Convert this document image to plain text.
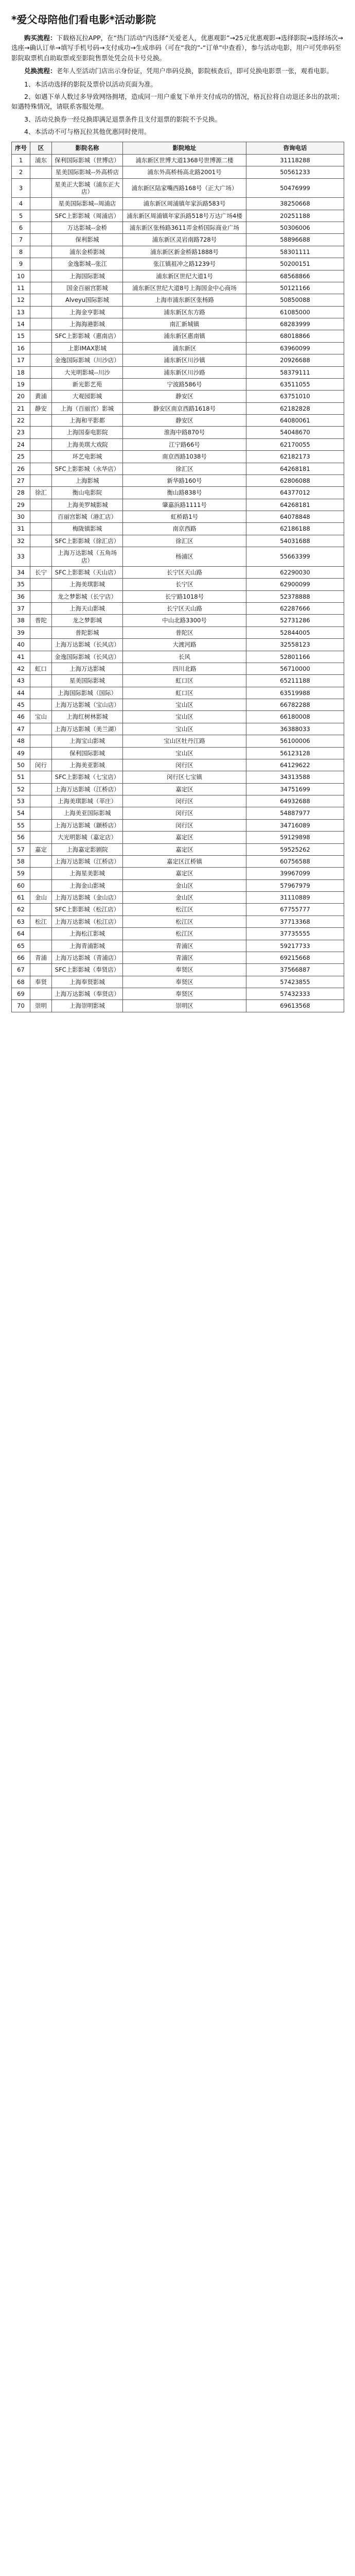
*爱父母陪他们看电影*活动影院

购买流程：下载格瓦拉APP，在“热门活动”内选择“关爱老人，优惠观影”→25元优惠观影→选择影院→选择场次→选座→确认订单→填写手机号码→支付成功→生成串码（可在“我的”-“订单”中查看），参与活动电影，用户可凭串码至影院取票机自助取票或至影院售票处凭会员卡号兑换。

兑换流程：老年人至活动门店出示身份证，凭用户串码兑换，影院核查后，即可兑换电影票一张，观看电影。

1、本活动选择的影院及票价以活动页面为准。

2、如遇下单人数过多导致网络拥堵，造成同一用户重复下单并支付成功的情况，格瓦拉将自动退还多出的款项；如遇特殊情况，请联系客服处理。

3、活动兑换券一经兑换即满足退票条件且支付退票的影院不予兑换。

4、本活动不可与格瓦拉其他优惠同时使用。

序号	区	影院名称	影院地址	咨询电话
1	浦东	保利国际影城（世博店）	浦东新区世博大道1368号世博源二楼	31118288
2		星美国际影城--外高桥店	浦东外高桥杨高北路2001号	50561233
3		星美正大影城（浦东正大店）	浦东新区陆家嘴西路168号（正大广场）	50476999
4		星美国际影城--周浦店	浦东新区周浦镇年家浜路583号	38250668
5		SFC上影影城（周浦店）	浦东新区周浦镇年家浜路518号万达广场4楼	20251188
6		万达影城--金桥	浦东新区张杨路3611弄金桥国际商业广场	50306006
7		保利影城	浦东新区灵岩南路728号	58896688
8		浦东金桥影城	浦东新区新金桥路1888号	58301111
9		金逸影城--张江	张江镇祖冲之路1239号	50200151
10		上海国际影城	浦东新区世纪大道1号	68568866
11		国金百丽宫影城	浦东新区世纪大道8号上海国金中心商场	50121166
12		Alveyu国际影城	上海市浦东新区张杨路	50850088
13		上海金亨影城	浦东新区东方路	61085000
14		上海海港影城	南汇新城镇	68283999
15		SFC上影影城（惠南店）	浦东新区惠南镇	68018866
16		上影IMAX影城	浦东新区	63960099
17		金逸国际影城（川沙店）	浦东新区川沙镇	20926688
18		大光明影城--川沙	浦东新区川沙路	58379111
19		新光影艺苑	宁波路586号	63511055
20	黄浦	大观园影城	静安区	63751010
21	静安	上海（百丽宫）影城	静安区南京西路1618号	62182828
22		上海和平影都	静安区	64080061
23		上海国泰电影院	淮海中路870号	54048670
24		上海美琪大戏院	江宁路66号	62170055
25		环艺电影城	南京西路1038号	62182173
26		SFC上影影城（永华店）	徐汇区	64268181
27		上海影城	新华路160号	62806088
28	徐汇	衡山电影院	衡山路838号	64377012
29		上海美罗城影城	肇嘉浜路1111号	64268181
30		百丽宫影城（港汇店）	虹桥路1号	64078848
31		梅陇镇影城	南京西路	62186188
32		SFC上影影城（徐汇店）	徐汇区	54031688
33		上海万达影城（五角场店）	杨浦区	55663399
34	长宁	SFC上影影城（天山店）	长宁区天山路	62290030
35		上海美琪影城	长宁区	62900099
36		龙之梦影城（长宁店）	长宁路1018号	52378888
37		上海天山影城	长宁区天山路	62287666
38	普陀	龙之梦影城	中山北路3300号	52731286
39		普陀影城	普陀区	52844005
40		上海万达影城（长风店）	大渡河路	32558123
41		金逸国际影城（长风店）	长风	52801166
42	虹口	上海万达影城	四川北路	56710000
43		星美国际影城	虹口区	65211188
44		上海国际影城（国际）	虹口区	63519988
45		上海万达影城（宝山店）	宝山区	66782288
46	宝山	上海红树林影城	宝山区	66180008
47		上海万达影城（美兰湖）	宝山区	36388033
48		上海宝山影城	宝山区牡丹江路	56100006
49		保利国际影城	宝山区	56123128
50	闵行	上海美亚影城	闵行区	64129622
51		SFC上影影城（七宝店）	闵行区七宝镇	34313588
52		上海万达影城（江桥店）	嘉定区	34751699
53		上海美琪影城（莘庄）	闵行区	64932688
54		上海美亚国际影城	闵行区	54887977
55		上海万达影城（颛桥店）	闵行区	34716089
56		大光明影城（嘉定店）	嘉定区	59129898
57	嘉定	上海嘉定影剧院	嘉定区	59525262
58		上海万达影城（江桥店）	嘉定区江桥镇	60756588
59		上海星美影城	嘉定区	39967099
60		上海金山影城	金山区	57967979
61	金山	上海万达影城（金山店）	金山区	31110889
62		SFC上影影城（松江店）	松江区	67755777
63	松江	上海万达影城（松江店）	松江区	37713368
64		上海松江影城	松江区	37735555
65		上海青浦影城	青浦区	59217733
66	青浦	上海万达影城（青浦店）	青浦区	69215668
67		SFC上影影城（奉贤店）	奉贤区	37566887
68	奉贤	上海奉贤影城	奉贤区	57423855
69		上海万达影城（奉贤店）	奉贤区	57432333
70	崇明	上海崇明影城	崇明区	69613568
